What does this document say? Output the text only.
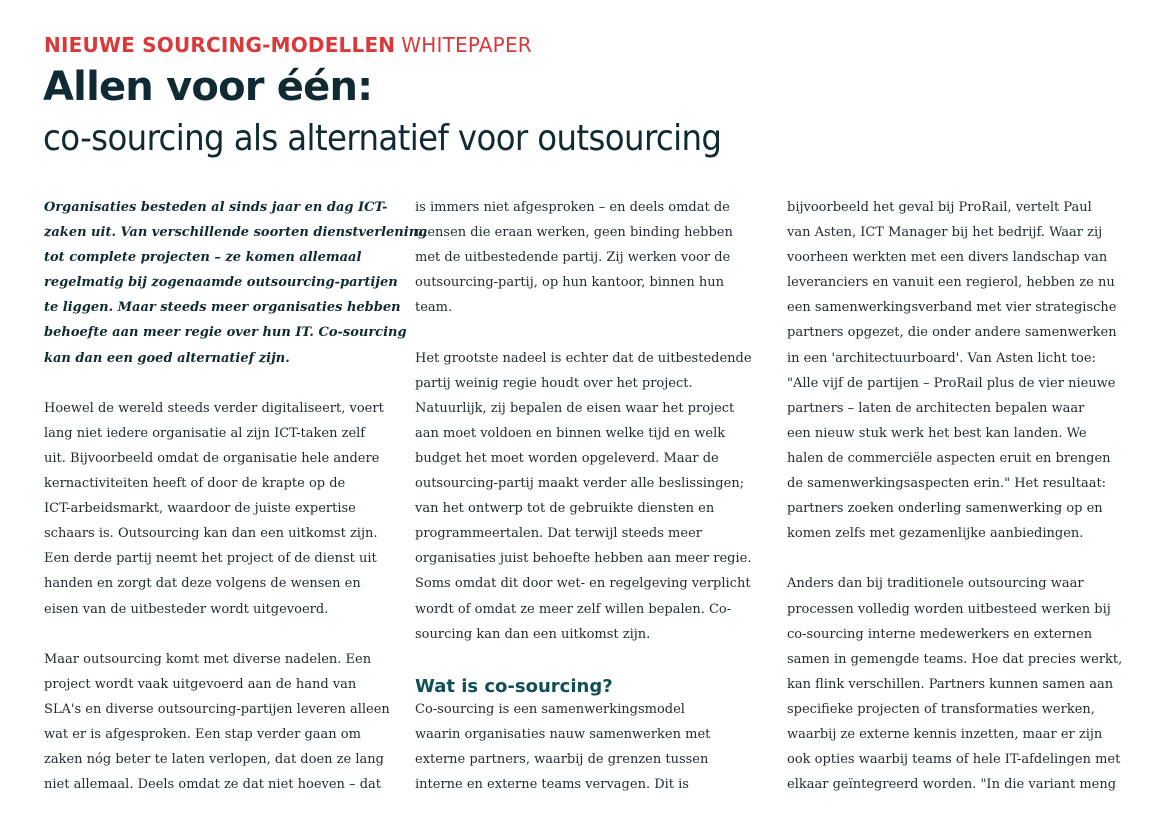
NIEUWE SOURCING-MODELLEN WHITEPAPER
Allen voor één:
co-sourcing als alternatief voor outsourcing
Organisaties besteden al sinds jaar en dag ICT-
zaken uit. Van verschillende soorten dienstverlening
tot complete projecten – ze komen allemaal
regelmatig bij zogenaamde outsourcing-partijen
te liggen. Maar steeds meer organisaties hebben
behoefte aan meer regie over hun IT. Co-sourcing
kan dan een goed alternatief zijn.
Hoewel de wereld steeds verder digitaliseert, voert
lang niet iedere organisatie al zijn ICT-taken zelf
uit. Bijvoorbeeld omdat de organisatie hele andere
kernactiviteiten heeft of door de krapte op de
ICT-arbeidsmarkt, waardoor de juiste expertise
schaars is. Outsourcing kan dan een uitkomst zijn.
Een derde partij neemt het project of de dienst uit
handen en zorgt dat deze volgens de wensen en
eisen van de uitbesteder wordt uitgevoerd.
Maar outsourcing komt met diverse nadelen. Een
project wordt vaak uitgevoerd aan de hand van
SLA's en diverse outsourcing-partijen leveren alleen
wat er is afgesproken. Een stap verder gaan om
zaken nóg beter te laten verlopen, dat doen ze lang
niet allemaal. Deels omdat ze dat niet hoeven – dat
is immers niet afgesproken – en deels omdat de
mensen die eraan werken, geen binding hebben
met de uitbestedende partij. Zij werken voor de
outsourcing-partij, op hun kantoor, binnen hun
team.
Het grootste nadeel is echter dat de uitbestedende
partij weinig regie houdt over het project.
Natuurlijk, zij bepalen de eisen waar het project
aan moet voldoen en binnen welke tijd en welk
budget het moet worden opgeleverd. Maar de
outsourcing-partij maakt verder alle beslissingen;
van het ontwerp tot de gebruikte diensten en
programmeertalen. Dat terwijl steeds meer
organisaties juist behoefte hebben aan meer regie.
Soms omdat dit door wet- en regelgeving verplicht
wordt of omdat ze meer zelf willen bepalen. Co-
sourcing kan dan een uitkomst zijn.
Wat is co-sourcing?
Co-sourcing is een samenwerkingsmodel
waarin organisaties nauw samenwerken met
externe partners, waarbij de grenzen tussen
interne en externe teams vervagen. Dit is
bijvoorbeeld het geval bij ProRail, vertelt Paul
van Asten, ICT Manager bij het bedrijf. Waar zij
voorheen werkten met een divers landschap van
leveranciers en vanuit een regierol, hebben ze nu
een samenwerkingsverband met vier strategische
partners opgezet, die onder andere samenwerken
in een 'architectuurboard'. Van Asten licht toe:
"Alle vijf de partijen – ProRail plus de vier nieuwe
partners – laten de architecten bepalen waar
een nieuw stuk werk het best kan landen. We
halen de commerciële aspecten eruit en brengen
de samenwerkingsaspecten erin." Het resultaat:
partners zoeken onderling samenwerking op en
komen zelfs met gezamenlijke aanbiedingen.
Anders dan bij traditionele outsourcing waar
processen volledig worden uitbesteed werken bij
co-sourcing interne medewerkers en externen
samen in gemengde teams. Hoe dat precies werkt,
kan flink verschillen. Partners kunnen samen aan
specifieke projecten of transformaties werken,
waarbij ze externe kennis inzetten, maar er zijn
ook opties waarbij teams of hele IT-afdelingen met
elkaar geïntegreerd worden. "In die variant meng
